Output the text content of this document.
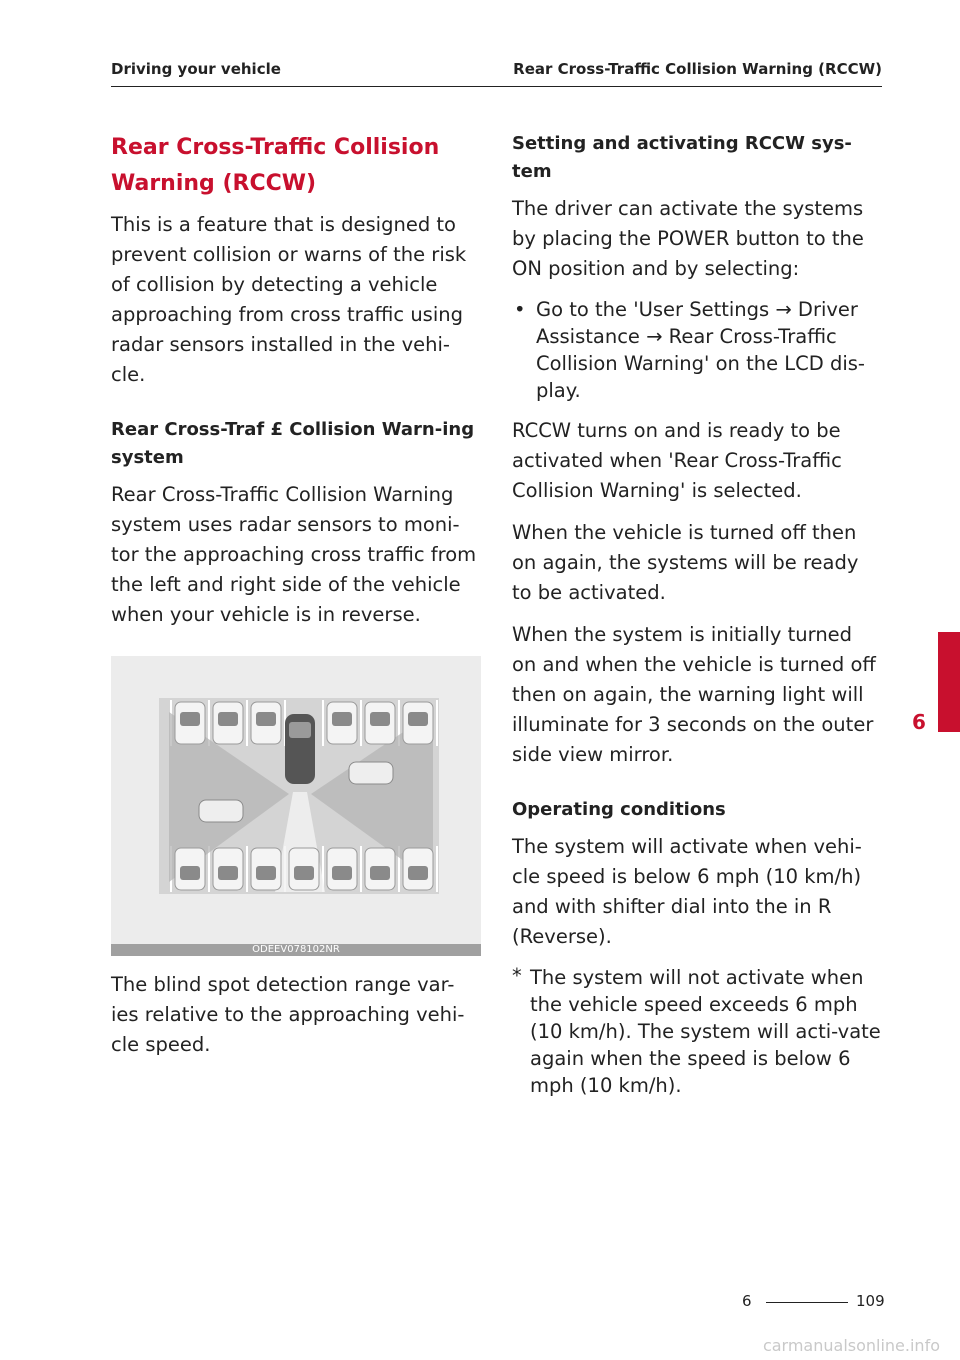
Driving your vehicle	Rear Cross-Traffic Collision Warning (RCCW)
Rear Cross-Traffic Collision
Warning (RCCW)

This is a feature that is designed to prevent collision or warns of the risk of collision by detecting a vehicle approaching from cross traffic using radar sensors installed in the vehi-cle.

Rear Cross-Traf £ Collision Warn-ing system

Rear Cross-Traffic Collision Warning system uses radar sensors to moni-tor the approaching cross traffic from the left and right side of the vehicle when your vehicle is in reverse.

ODEEV078102NR

The blind spot detection range var-ies relative to the approaching vehi-cle speed.

Setting and activating RCCW sys-tem

The driver can activate the systems by placing the POWER button to the ON position and by selecting:

• Go to the 'User Settings → Driver Assistance → Rear Cross-Traffic Collision Warning' on the LCD dis-play.

RCCW turns on and is ready to be activated when 'Rear Cross-Traffic Collision Warning' is selected.

When the vehicle is turned off then on again, the systems will be ready to be activated.

When the system is initially turned on and when the vehicle is turned off then on again, the warning light will illuminate for 3 seconds on the outer side view mirror.

Operating conditions

The system will activate when vehi-cle speed is below 6 mph (10 km/h) and with shifter dial into the in R (Reverse).

* The system will not activate when the vehicle speed exceeds 6 mph (10 km/h). The system will acti-vate again when the speed is below 6 mph (10 km/h).
6
6	109
carmanualsonline.info
